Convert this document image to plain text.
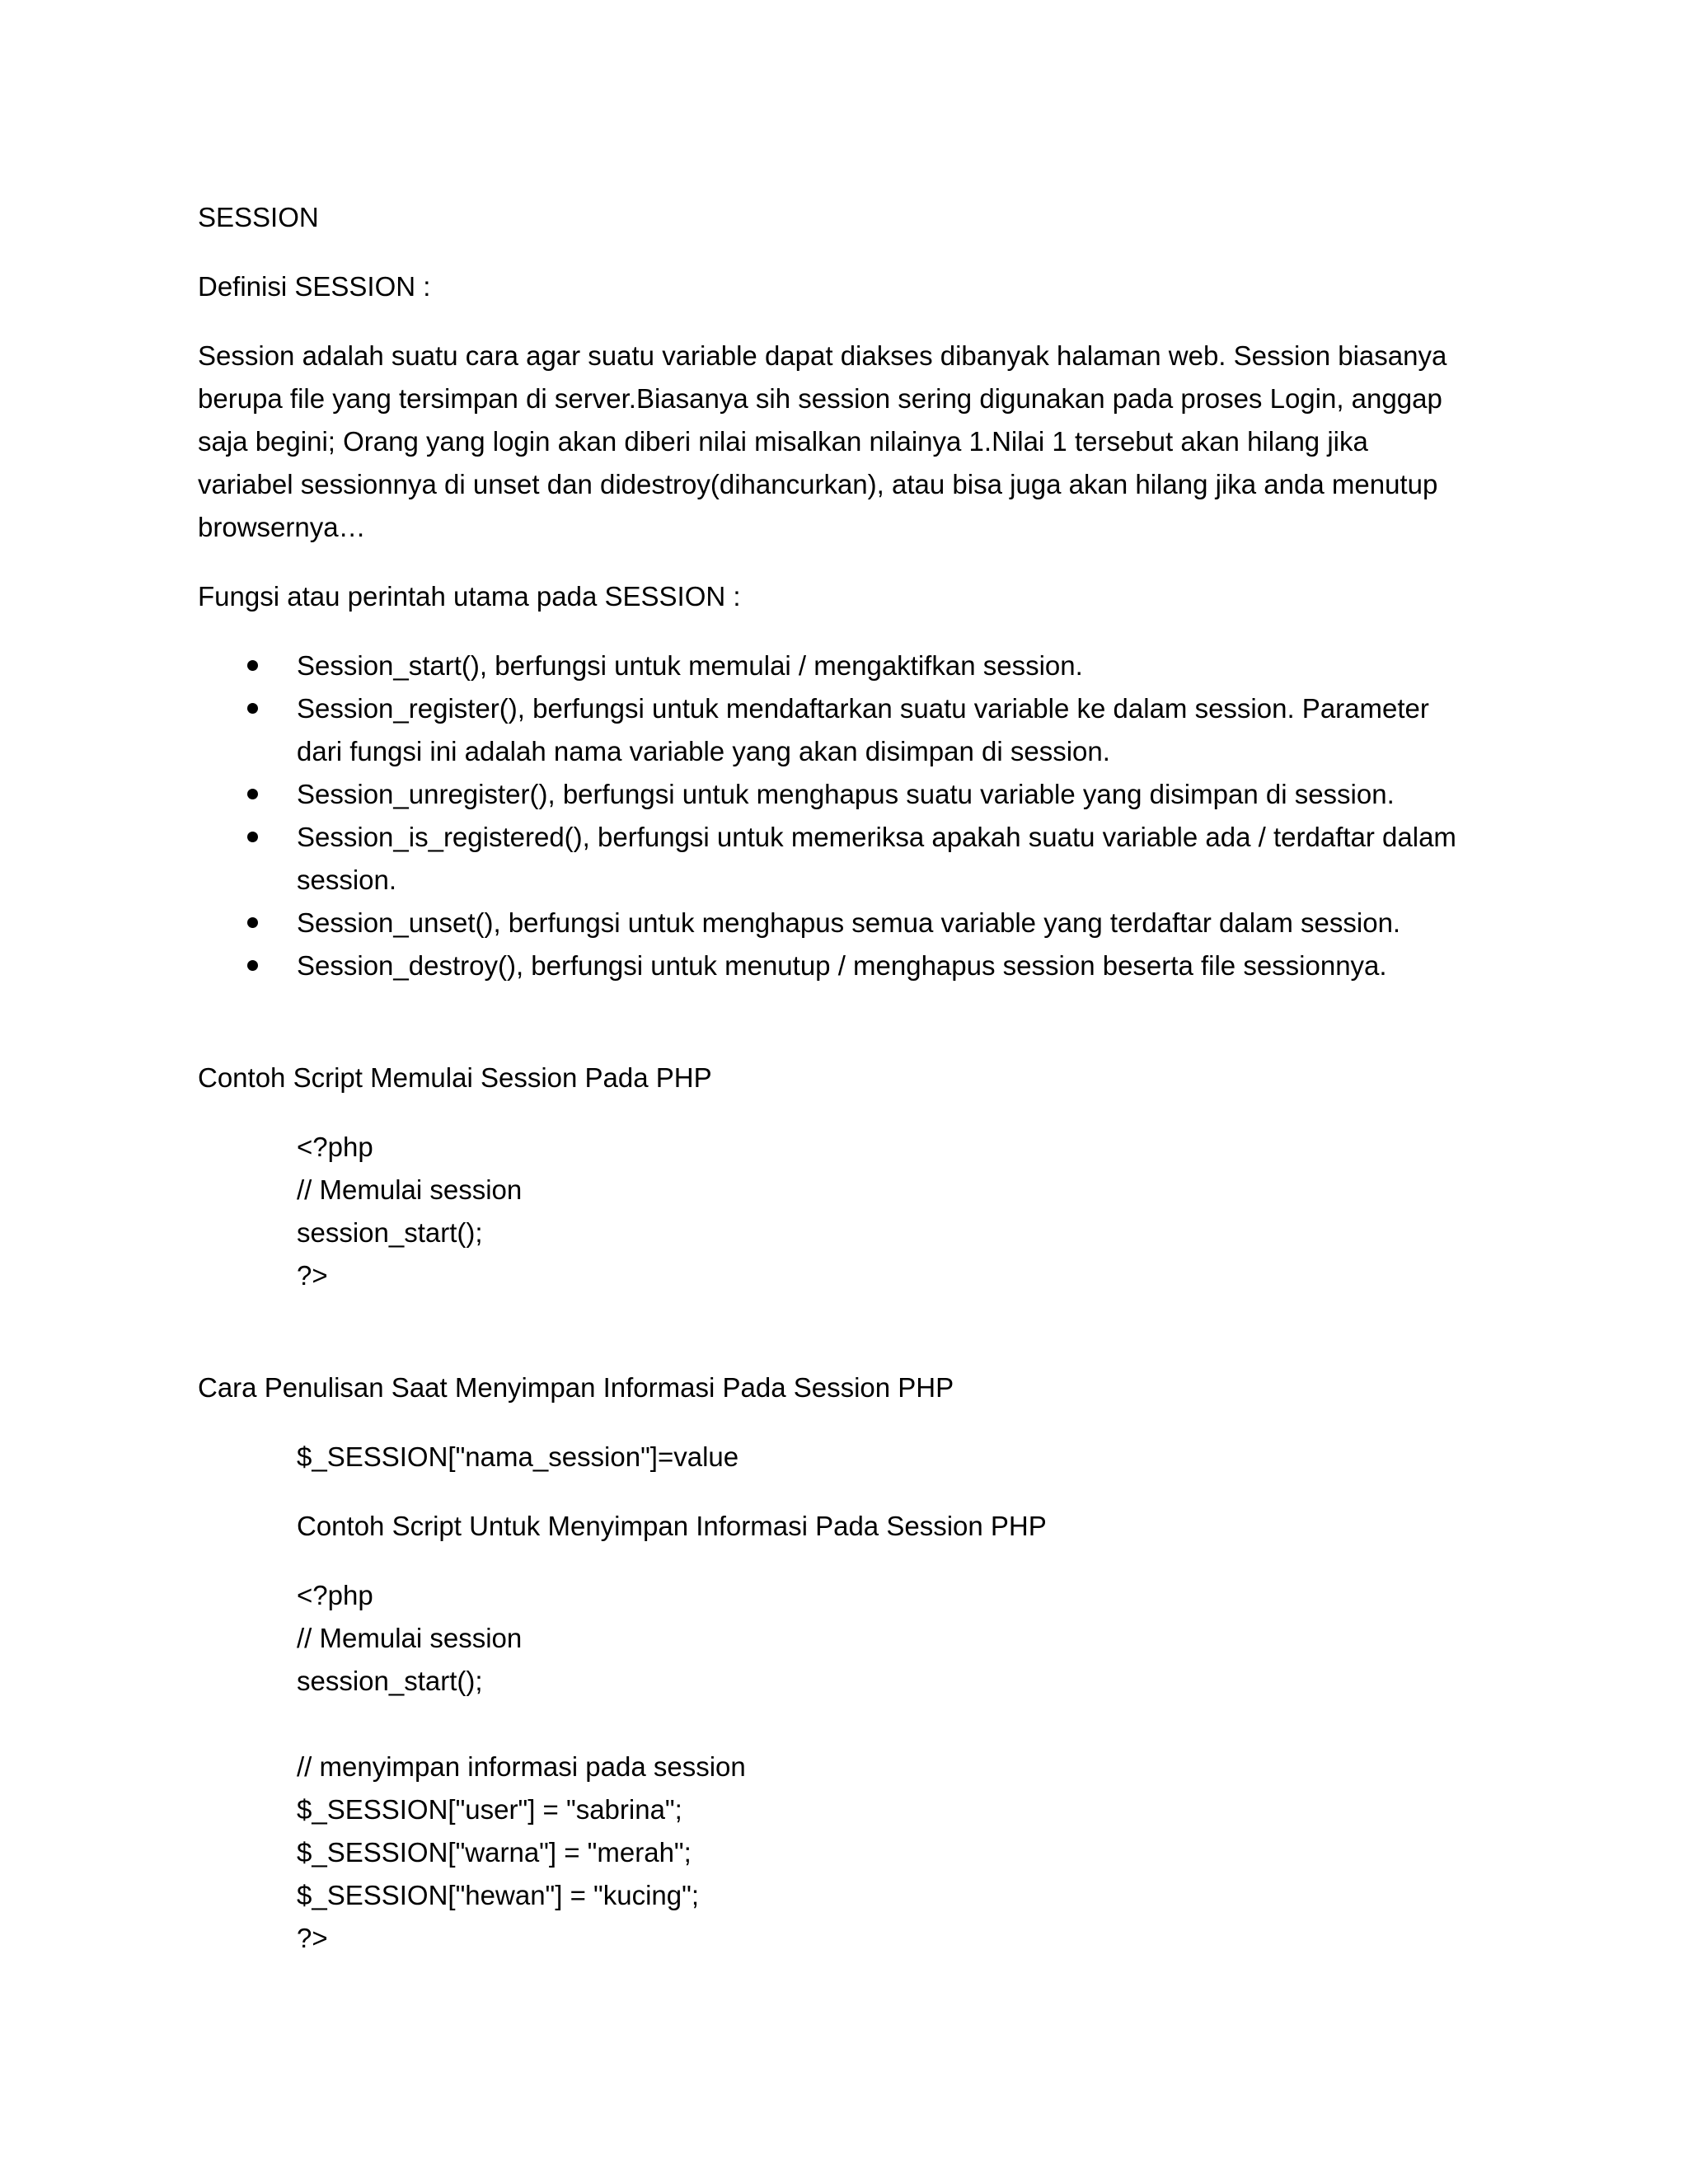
SESSION

Definisi SESSION :

Session adalah suatu cara agar suatu variable dapat diakses dibanyak halaman web. Session biasanya
berupa file yang tersimpan di server.Biasanya sih session sering digunakan pada proses Login, anggap
saja begini; Orang yang login akan diberi nilai misalkan nilainya 1.Nilai 1 tersebut akan hilang jika
variabel sessionnya di unset dan didestroy(dihancurkan), atau bisa juga akan hilang jika anda menutup
browsernya…

Fungsi atau perintah utama pada SESSION :

Session_start(), berfungsi untuk memulai / mengaktifkan session.
Session_register(), berfungsi untuk mendaftarkan suatu variable ke dalam session. Parameter
dari fungsi ini adalah nama variable yang akan disimpan di session.
Session_unregister(), berfungsi untuk menghapus suatu variable yang disimpan di session.
Session_is_registered(), berfungsi untuk memeriksa apakah suatu variable ada / terdaftar dalam
session.
Session_unset(), berfungsi untuk menghapus semua variable yang terdaftar dalam session.
Session_destroy(), berfungsi untuk menutup / menghapus session beserta file sessionnya.

Contoh Script Memulai Session Pada PHP

<?php
// Memulai session
session_start();
?>

Cara Penulisan Saat Menyimpan Informasi Pada Session PHP

$_SESSION["nama_session"]=value

Contoh Script Untuk Menyimpan Informasi Pada Session PHP

<?php
// Memulai session
session_start();
// menyimpan informasi pada session
$_SESSION["user"] = "sabrina";
$_SESSION["warna"] = "merah";
$_SESSION["hewan"] = "kucing";
?>
